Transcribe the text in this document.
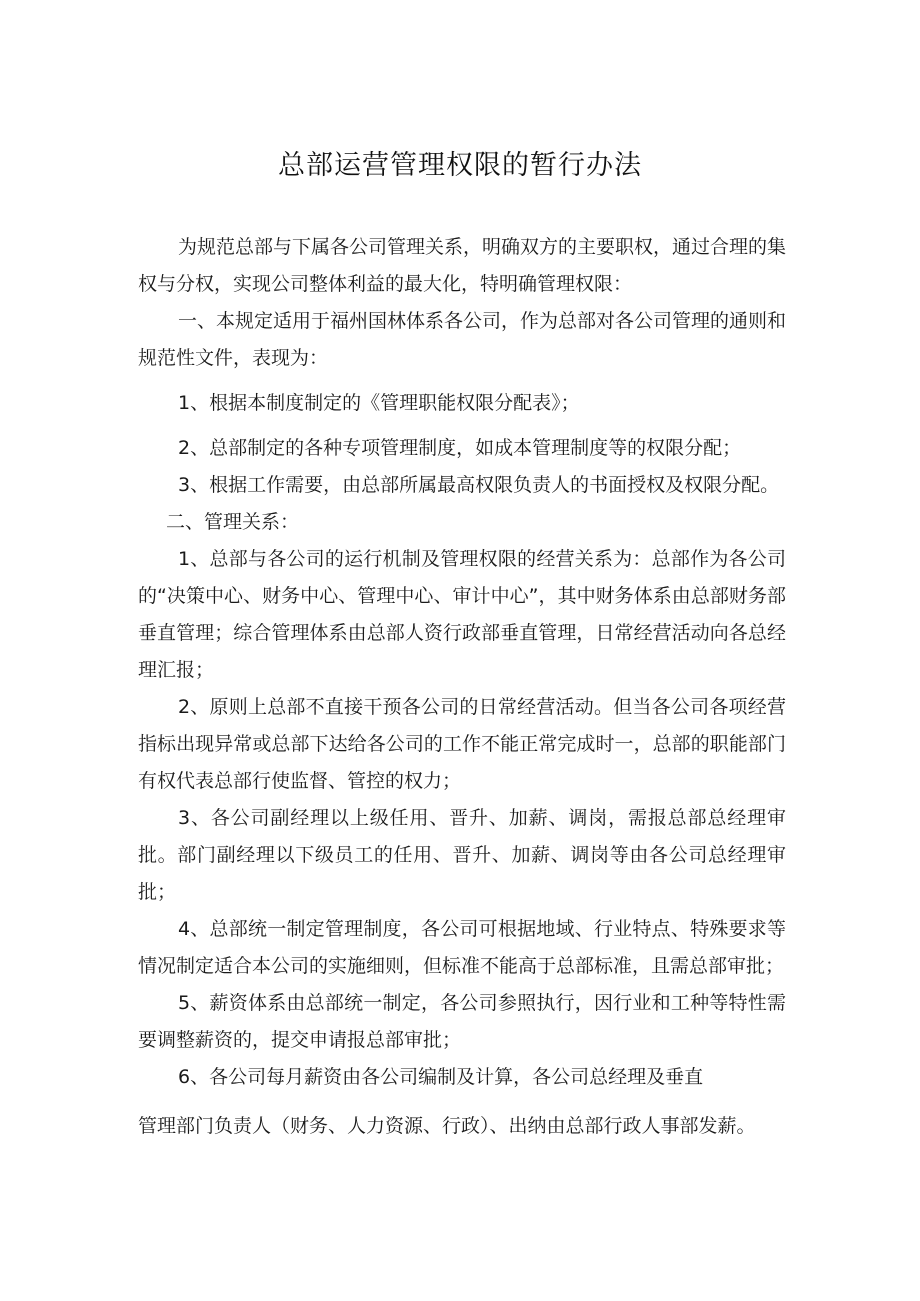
总部运营管理权限的暂行办法

为规范总部与下属各公司管理关系，明确双方的主要职权，通过合理的集权与分权，实现公司整体利益的最大化，特明确管理权限：

一、本规定适用于福州国林体系各公司，作为总部对各公司管理的通则和规范性文件，表现为：

1、根据本制度制定的《管理职能权限分配表》；

2、总部制定的各种专项管理制度，如成本管理制度等的权限分配；

3、根据工作需要，由总部所属最高权限负责人的书面授权及权限分配。

二、管理关系：

1、总部与各公司的运行机制及管理权限的经营关系为：总部作为各公司的“决策中心、财务中心、管理中心、审计中心”，其中财务体系由总部财务部垂直管理；综合管理体系由总部人资行政部垂直管理，日常经营活动向各总经理汇报；

2、原则上总部不直接干预各公司的日常经营活动。但当各公司各项经营指标出现异常或总部下达给各公司的工作不能正常完成时一，总部的职能部门有权代表总部行使监督、管控的权力；

3、各公司副经理以上级任用、晋升、加薪、调岗，需报总部总经理审批。部门副经理以下级员工的任用、晋升、加薪、调岗等由各公司总经理审批；

4、总部统一制定管理制度，各公司可根据地域、行业特点、特殊要求等情况制定适合本公司的实施细则，但标准不能高于总部标准，且需总部审批；

5、薪资体系由总部统一制定，各公司参照执行，因行业和工种等特性需要调整薪资的，提交申请报总部审批；

6、各公司每月薪资由各公司编制及计算，各公司总经理及垂直

管理部门负责人（财务、人力资源、行政）、出纳由总部行政人事部发薪。
